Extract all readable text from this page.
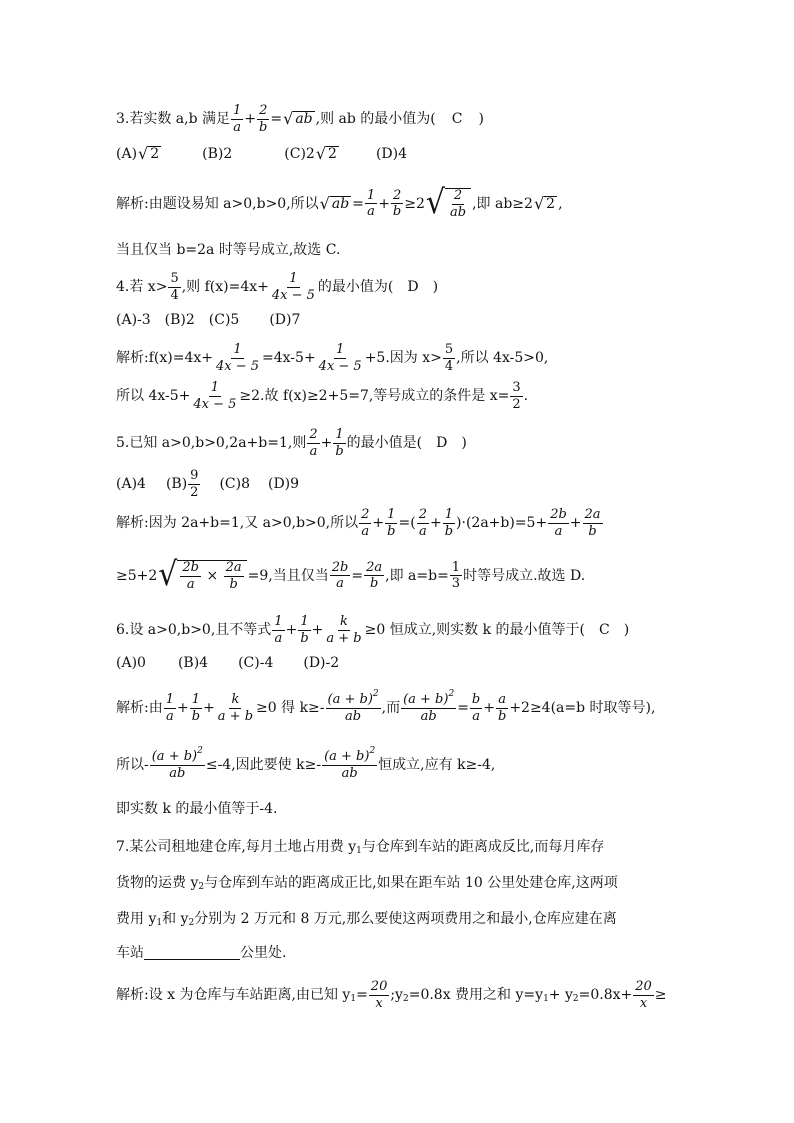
3.若实数 a,b 满足 $\frac{1}{a} + \frac{2}{b}$ = √ ab ,则 ab 的最小值为( C )
(A) √ 2	(B)2	(C)2 √ 2	(D)4
解析:由题设易知 a>0,b>0,所以 √ ab = $\frac{1}{a} + \frac{2}{b} \ge 2$ √ $\frac{2}{ab}$ ,即 ab≥2 √ 2 ,
当且仅当 b=2a 时等号成立,故选 C.
4.若 $x> \frac{5}{4}$ ,则 $f(x)=4x+ \frac{1}{4x - 5}$ 的最小值为( D )
(A)-3 (B)2 (C)5 (D)7
解析:f(x)=4x+ $\frac{1}{4x - 5} =4x-5+ \frac{1}{4x - 5} +5$.因为 $x> \frac{5}{4}$ ,所以 4x-5>0,
所以 $4x-5+ \frac{1}{4x - 5} \ge 2$.故 f(x)≥2+5=7,等号成立的条件是 $x= \frac{3}{2}$ .
5.已知 a>0,b>0,2a+b=1,则 $\frac{2}{a} + \frac{1}{b}$ 的最小值是( D )
(A)4 $(B) \frac{9}{2} (C)8$ (D)9
解析:因为 2a+b=1,又 a>0,b>0,所以 $\frac{2}{a} + \frac{1}{b}$ =( $\frac{2}{a} + \frac{1}{b} )\cdot(2a+b)=5+ \frac{2b}{a} + \frac{2a}{b}$
≥5+2 √ $\frac{2b}{a} \times \frac{2a}{b} =9$,当且仅当 $\frac{2b}{a} = \frac{2a}{b}$ ,即 $a=b= \frac{1}{3}$ 时等号成立.故选 D.
6.设 a>0,b>0,且不等式 $\frac{1}{a} + \frac{1}{b} + \frac{k}{a + b} \ge 0$ 恒成立,则实数 k 的最小值等于( C )
(A)0 (B)4 (C)-4 (D)-2
解析:由 $\frac{1}{a} + \frac{1}{b} + \frac{k}{a + b} \ge 0$ 得 $k\ge- \frac{(a + b)^2}{ab}$ ,而 $\frac{(a + b)^2}{ab} = \frac{b}{a} + \frac{a}{b} +2\ge 4(a=b$ 时取等号),
所以- $\frac{(a + b)^2}{ab} \le-4$,因此要使 $k\ge- \frac{(a + b)^2}{ab}$ 恒成立,应有 k≥-4,
即实数 k 的最小值等于-4.
7.某公司租地建仓库,每月土地占用费 y 1 与仓库到车站的距离成反比,而每月库存
货物的运费 y 2 与仓库到车站的距离成正比,如果在距车站 10 公里处建仓库,这两项
费用 y 1 和 y 2 分别为 2 万元和 8 万元,那么要使这两项费用之和最小,仓库应建在离
车站	公里处.
解析:设 x 为仓库与车站距离,由已知 y $1 = \frac{20}{x}$ ;y 2 =0.8x 费用之和 y=y 1 + y $2 =0.8x+ \frac{20}{x}$ ≥
